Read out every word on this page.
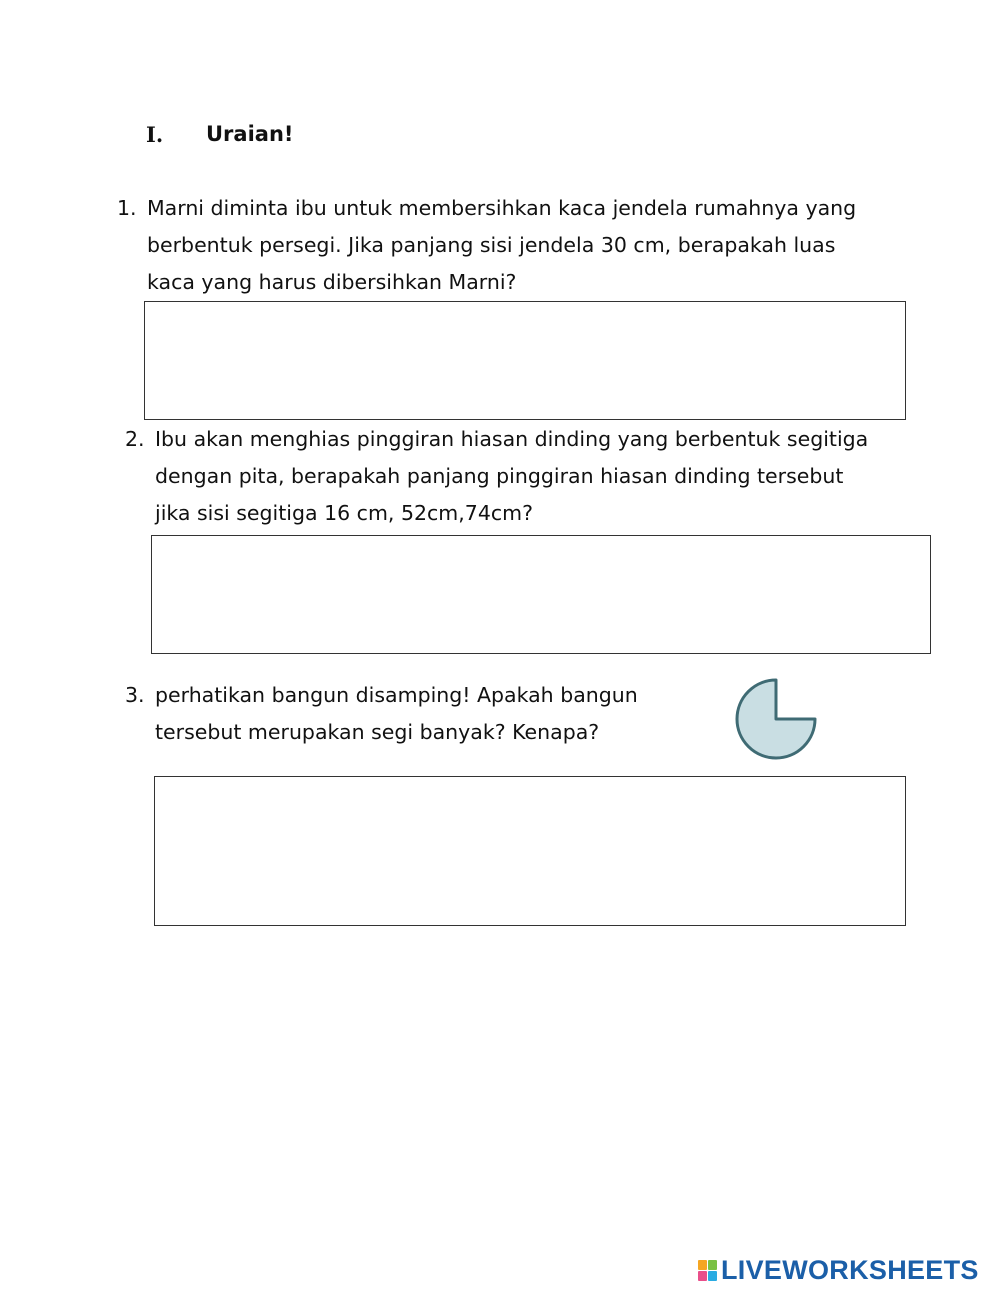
I.	Uraian!
1. Marni diminta ibu untuk membersihkan kaca jendela rumahnya yang
berbentuk persegi. Jika panjang sisi jendela 30 cm, berapakah luas
kaca yang harus dibersihkan Marni?
2. Ibu akan menghias pinggiran hiasan dinding yang berbentuk segitiga
dengan pita, berapakah panjang pinggiran hiasan dinding tersebut
jika sisi segitiga 16 cm, 52cm,74cm?
3. perhatikan bangun disamping! Apakah bangun
tersebut merupakan segi banyak? Kenapa?
LIVEWORKSHEETS
